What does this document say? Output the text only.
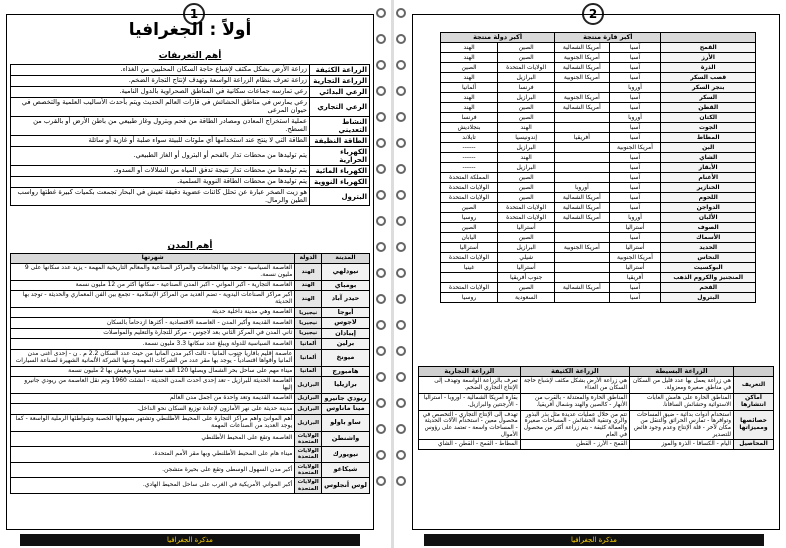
1
أولاً : الجغرافيا
أهم التعريفات
الزراعة الكثيفة	زراعة الأرض بشكل مكثف لإشباع حاجة السكان المحليين من الغذاء.
الزراعة التجارية	زراعة تعرف بنظام الزراعة الواسعة وتهدف لإنتاج التجارة الضخم.
الرعي البدائي	رعي تمارسه جماعات سكانية في المناطق الصحراوية بالدول النامية.
الرعي التجاري	رعي يمارس في مناطق الحشائش في قارات العالم الحديث ويتم بأحدث الأساليب العلمية والتخصص في حيوان المرعى
النشاط التعديني	عملية استخراج المعادن ومصادر الطاقة من فحم وبترول وغاز طبيعي من باطن الأرض أو بالقرب من السطح.
الطاقة النظيفة	الطاقة التي لا ينتج عند استخدامها أي ملوثات للبيئة سواء صلبة أو غازية أو سائلة
الكهرباء الحرارية	يتم توليدها من محطات تدار بالفحم أو البترول أو الغاز الطبيعي.
الكهرباء المائية	يتم توليدها من محطات تدار نتيجة تدفق المياه من الشلالات أو السدود.
الكهرباء النووية	يتم توليدها من محطات الطاقة النووية السلمية.
البترول	هو زيت الصخر عبارة عن تحلل كائنات عضوية دقيقة تعيش في البحار تجمعت بكميات كبيرة غطتها رواسب الطين والرمال.
أهم المدن
المدينة	الدولة	شهرتها
نيودلهي	الهند	العاصمة السياسية - توجد بها الجامعات والمراكز الصناعية والمعالم التاريخية المهمة - يزيد عدد سكانها على 9 مليون نسمة.
بومباي	الهند	العاصمة التجارية - أكبر المواني - أكبر المدن الصناعية - سكانها أكثر من 12 مليون نسمة
حيدر آباد	الهند	أكبر مراكز الصناعات اليدوية - تضم العديد من المراكز الإسلامية - تجمع بين الفن المعماري والحديثة - توجد بها الحديثة
أبوجا	نيجيريا	العاصمة وهي مدينة داخلية حديثة
لاجوس	نيجيريا	العاصمة القديمة وأكبر المدن - العاصمة الاقتصادية - أكثرها ازدحاماً بالسكان
إيبادان	نيجيريا	ثاني المدن في المركز الثاني بعد لاجوس - مركز للتجارة والتعليم والمواصلات
برلين	ألمانيا	العاصمة السياسية للدولة ويبلغ عدد سكانها 3.3 مليون نسمة.
ميونخ	ألمانيا	عاصمة إقليم بافاريا جنوب ألمانيا - ثالث أكبر مدن ألمانيا من حيث عدد السكان 2.2 م . ن - إحدى أغنى مدن ألمانيا وأقواها اقتصادياً - يوجد بها مقر عدد من الشركات المهمة ومنها الشركة الألمانية الشهيرة لصناعة السيارات
هامبورج	ألمانيا	ميناء مهم على ساحل بحر الشمال ويصلها 120 ألف سفينة سنوياً ويعيش بها 2 مليون نسمة
برازيليا	البرازيل	العاصمة الحديثة للبرازيل - تعد إحدى أحدث المدن الحديثة - أنشئت 1960 وتم نقل العاصمة من ريودي جانيرو إليها
ريودي جانيرو	البرازيل	العاصمة القديمة وتعد واحدة من أجمل مدن العالم
مينا ماناوس	البرازيل	مدينة حديثة على نهر الأمازون لإعادة توزيع السكان نحو الداخل.
ساو باولو	البرازيل	أهم الموانئ وأهم مراكز التجارة على المحيط الأطلنطي وتشتهر بسهولها الخصبة وشواطئها الرملية الواسعة - كما يوجد العديد من الصناعات المهمة
واشنطن	الولايات المتحدة	العاصمة وتقع على المحيط الأطلنطي
نيويورك	الولايات المتحدة	ميناء هام على المحيط الأطلنطي وبها مقر الأمم المتحدة.
شيكاغو	الولايات المتحدة	أكبر مدن السهول الوسطى وتقع على بحيرة متشجن.
لوس أنجلوس	الولايات المتحدة	أكبر المواني الأمريكية في الغرب على ساحل المحيط الهادي.
مذكرة الجغرافيا
2
	أكبر قارة منتجة		أكبر دولة منتجة	
القمح	آسيا	أمريكا الشمالية	الصين	الهند
الأرز	آسيا	أمريكا الجنوبية	الصين	الهند
الذرة	آسيا	أمريكا الشمالية	الولايات المتحدة	الصين
قصب السكر	آسيا	أمريكا الجنوبية	البرازيل	الهند
بنجر السكر	أوروبا		فرنسا	ألمانيا
السكر	آسيا	أمريكا الجنوبية	البرازيل	الهند
القطن	آسيا	أمريكا الشمالية	الصين	الهند
الكتان	أوروبا		الصين	فرنسا
الجوت	آسيا		الهند	بنجلاديش
المطاط	آسيا	أفريقيا	إندونيسيا	تايلاند
البن	أمريكا الجنوبية		البرازيل	------
الشاي	آسيا		الهند	------
الأبقار	آسيا		البرازيل	------
الأغنام	آسيا		الصين	المملكة المتحدة
الخنازير	آسيا	أوروبا	الصين	الولايات المتحدة
اللحوم	آسيا	أمريكا الشمالية	الصين	الولايات المتحدة
الدواجن	آسيا	أمريكا الشمالية	الولايات المتحدة	الصين
الألبان	أوروبا	أمريكا الشمالية	الولايات المتحدة	روسيا
الصوف	أستراليا		أستراليا	الصين
الأسماك	آسيا		الصين	اليابان
الحديد	أستراليا	أمريكا الجنوبية	البرازيل	أستراليا
النحاس	أمريكا الجنوبية		شيلي	الولايات المتحدة
البوكسيت	أستراليا		أستراليا	غينيا
المنجنيز والكروم الذهب	أفريقيا		جنوب أفريقيا	
الفحم	آسيا	أمريكا الشمالية	الصين	الولايات المتحدة
البترول	آسيا		السعودية	روسيا
	الزراعة البسيطة	الزراعة الكثيفة	الزراعة التجارية
التعريف	هي زراعة يعمل بها عدد قليل من السكان في مناطق صغيرة ومعزولة.	هي زراعة الأرض بشكل مكثف لإشباع حاجة السكان من الغذاء	تعرف بالزراعة الواسعة وتهدف إلى الإنتاج التجاري الضخم.
أماكن انتشارها	المناطق الحارة على هامش الغابات الاستوائية وحشائش السافانا.	المناطق الحارة والمعتدلة - بالقرب من الأنهار - كالصين والهند وشمال أفريقيا.	بقارة أمريكا الشمالية - أوروبا - أستراليا - الأرجنتين والبرازيل.
خصائصها ومميزاتها	استخدام أدوات بدائية - ضيق المساحات وتوافرها - تمارس الحرائق والتنقل من مكان لآخر - قلة الإنتاج وعدم وجود فائض للتصدير	تتم من خلال عمليات عديدة مثل بذر البذور والري وتنقية الحشائش - المساحات صغيرة والعمالة كثيفة - يتم زراعة أكثر من محصول في العام	تهدف إلى الإنتاج التجاري - التخصص في محصول معين - استخدام الآلات الحديثة - المساحات واسعة - تعتمد على رؤوس الأموال
المحاصيل	اليام - الكسافا - الذرة والموز	القمح - الأرز - القطن	المطاط - القمح - القطن - الشاي
مذكرة الجغرافيا
